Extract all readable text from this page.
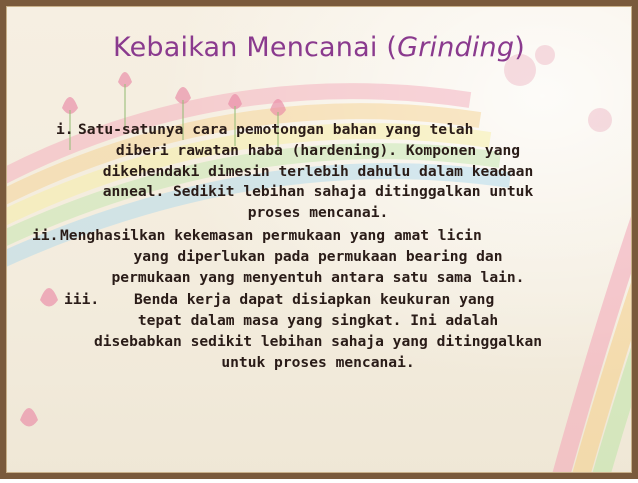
Kebaikan Mencanai (Grinding)
i. Satu-satunya cara pemotongan bahan yang telah
diberi rawatan haba (hardening). Komponen yang
dikehendaki dimesin terlebih dahulu dalam keadaan
anneal. Sedikit lebihan sahaja ditinggalkan untuk
proses mencanai.
ii. Menghasilkan kekemasan permukaan yang amat licin
yang diperlukan pada permukaan bearing dan
permukaan yang menyentuh antara satu sama lain.
iii.	Benda kerja dapat disiapkan keukuran yang
tepat dalam masa yang singkat. Ini adalah
disebabkan sedikit lebihan sahaja yang ditinggalkan
untuk proses mencanai.
